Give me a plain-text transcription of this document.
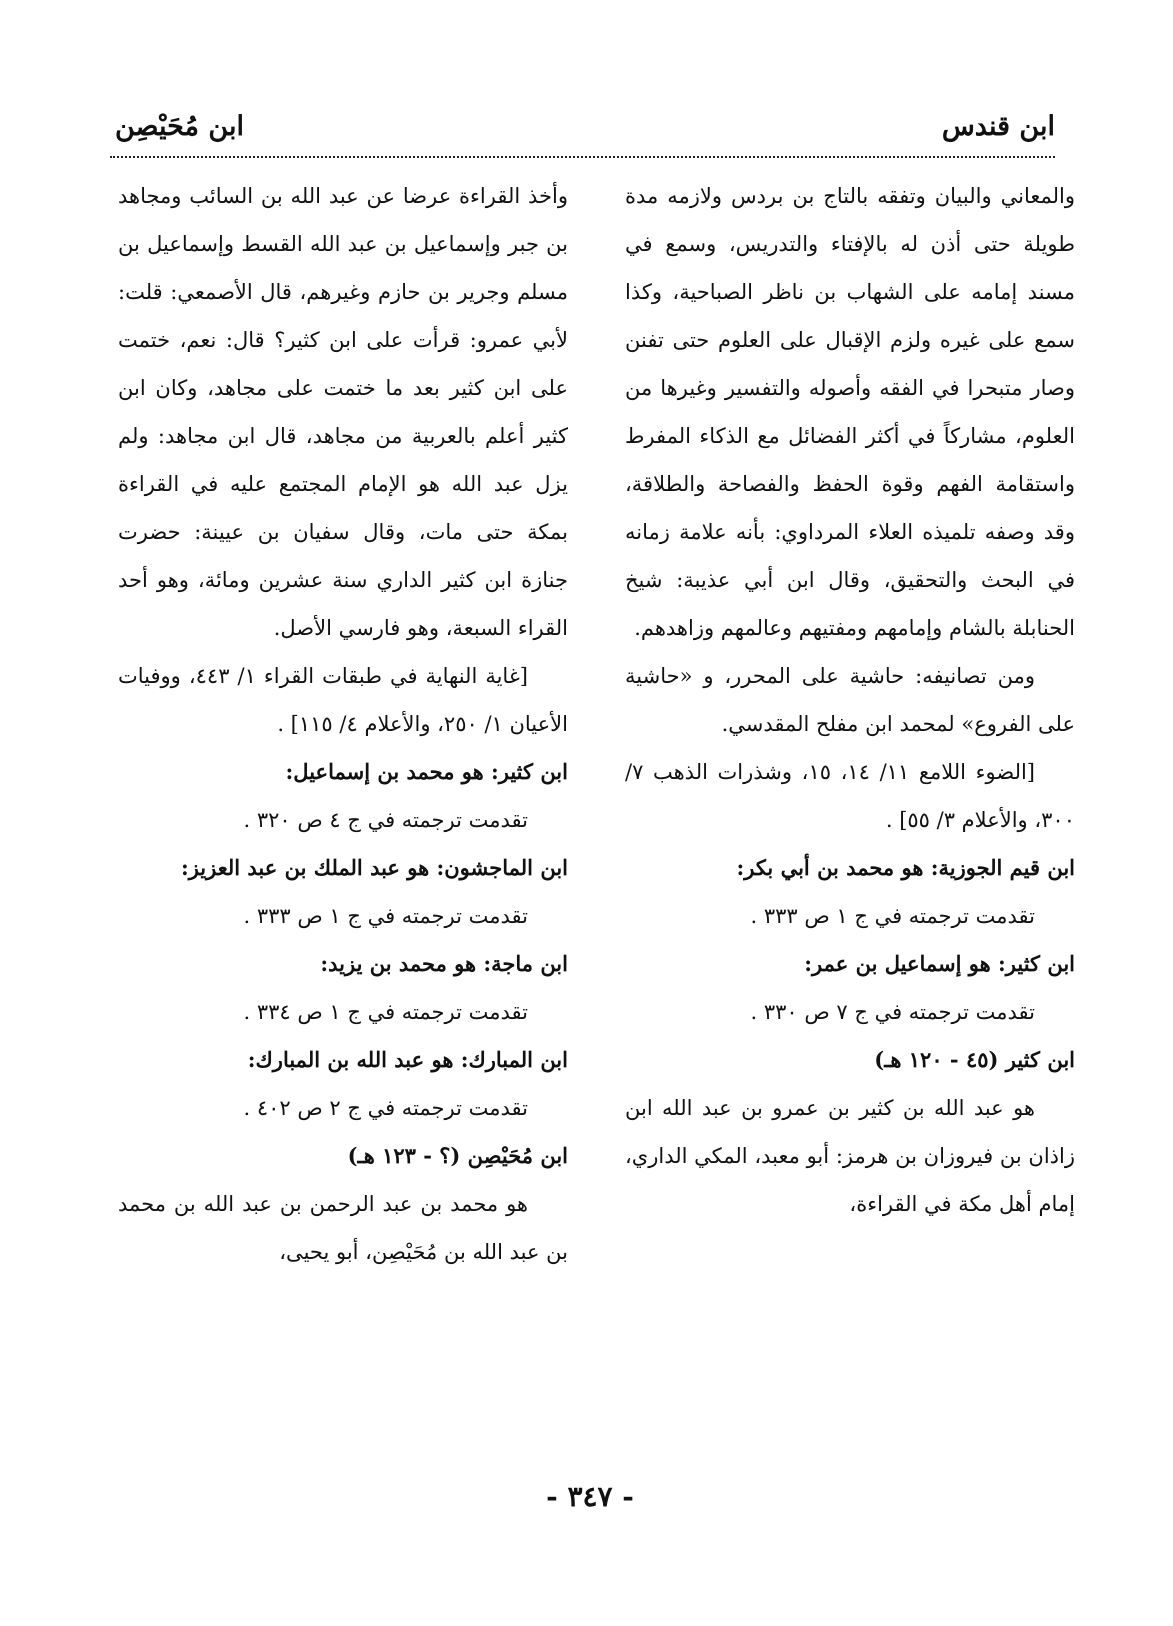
ابن قندس
ابن مُحَيْصِن

والمعاني والبيان وتفقه بالتاج بن بردس ولازمه مدة طويلة حتى أذن له بالإفتاء والتدريس، وسمع في مسند إمامه على الشهاب بن ناظر الصباحية، وكذا سمع على غيره ولزم الإقبال على العلوم حتى تفنن وصار متبحرا في الفقه وأصوله والتفسير وغيرها من العلوم، مشاركاً في أكثر الفضائل مع الذكاء المفرط واستقامة الفهم وقوة الحفظ والفصاحة والطلاقة، وقد وصفه تلميذه العلاء المرداوي: بأنه علامة زمانه في البحث والتحقيق، وقال ابن أبي عذيبة: شيخ الحنابلة بالشام وإمامهم ومفتيهم وعالمهم وزاهدهم.

ومن تصانيفه: حاشية على المحرر، و «حاشية على الفروع» لمحمد ابن مفلح المقدسي.

[الضوء اللامع ١١/ ١٤، ١٥، وشذرات الذهب ٧/ ٣٠٠، والأعلام ٣/ ٥٥] .

ابن قيم الجوزية: هو محمد بن أبي بكر:

تقدمت ترجمته في ج ١ ص ٣٣٣ .

ابن كثير: هو إسماعيل بن عمر:

تقدمت ترجمته في ج ٧ ص ٣٣٠ .

ابن كثير (٤٥ - ١٢٠ هـ)

هو عبد الله بن كثير بن عمرو بن عبد الله ابن زاذان بن فيروزان بن هرمز: أبو معبد، المكي الداري، إمام أهل مكة في القراءة،

وأخذ القراءة عرضا عن عبد الله بن السائب ومجاهد بن جبر وإسماعيل بن عبد الله القسط وإسماعيل بن مسلم وجرير بن حازم وغيرهم، قال الأصمعي: قلت: لأبي عمرو: قرأت على ابن كثير؟ قال: نعم، ختمت على ابن كثير بعد ما ختمت على مجاهد، وكان ابن كثير أعلم بالعربية من مجاهد، قال ابن مجاهد: ولم يزل عبد الله هو الإمام المجتمع عليه في القراءة بمكة حتى مات، وقال سفيان بن عيينة: حضرت جنازة ابن كثير الداري سنة عشرين ومائة، وهو أحد القراء السبعة، وهو فارسي الأصل.

[غاية النهاية في طبقات القراء ١/ ٤٤٣، ووفيات الأعيان ١/ ٢٥٠، والأعلام ٤/ ١١٥] .

ابن كثير: هو محمد بن إسماعيل:

تقدمت ترجمته في ج ٤ ص ٣٢٠ .

ابن الماجشون: هو عبد الملك بن عبد العزيز:

تقدمت ترجمته في ج ١ ص ٣٣٣ .

ابن ماجة: هو محمد بن يزيد:

تقدمت ترجمته في ج ١ ص ٣٣٤ .

ابن المبارك: هو عبد الله بن المبارك:

تقدمت ترجمته في ج ٢ ص ٤٠٢ .

ابن مُحَيْصِن (؟ - ١٢٣ هـ)

هو محمد بن عبد الرحمن بن عبد الله بن محمد بن عبد الله بن مُحَيْصِن، أبو يحيى،

- ٣٤٧ -
